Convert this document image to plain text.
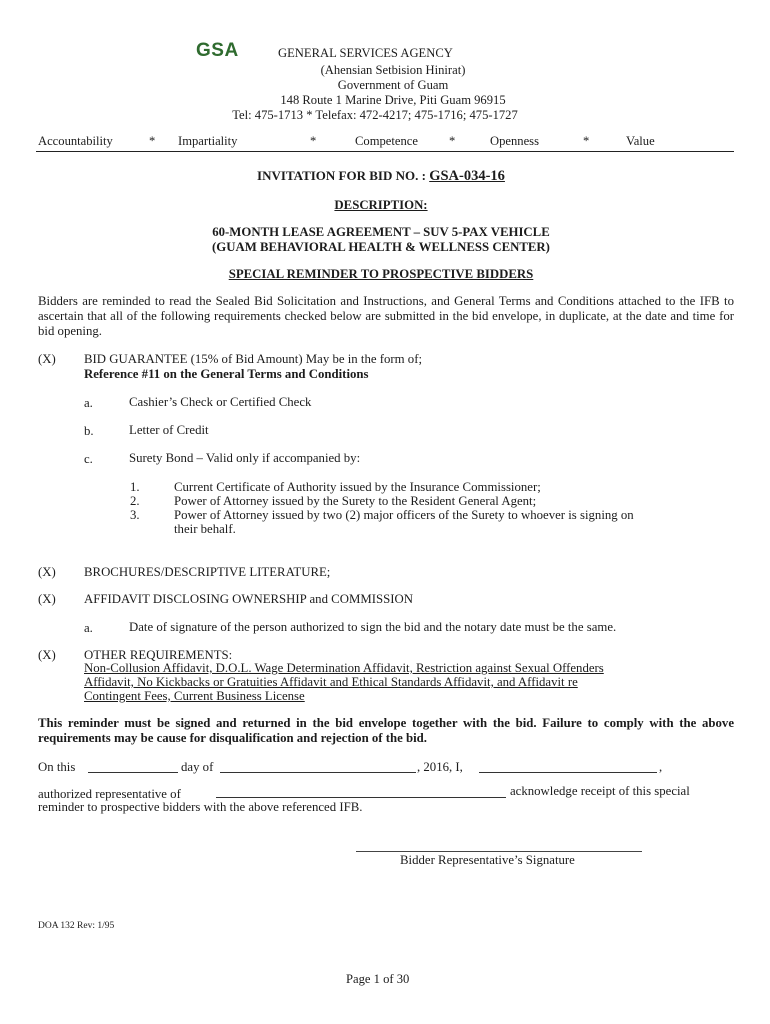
GSA	GENERAL SERVICES AGENCY
(Ahensian Setbision Hinirat)
Government of Guam
148 Route 1 Marine Drive, Piti Guam 96915
Tel: 475-1713 * Telefax: 472-4217; 475-1716; 475-1727
Accountability	* Impartiality	*	Competence *	Openness	*	Value
INVITATION FOR BID NO. : GSA-034-16
DESCRIPTION:
60-MONTH LEASE AGREEMENT – SUV 5-PAX VEHICLE
(GUAM BEHAVIORAL HEALTH & WELLNESS CENTER)
SPECIAL REMINDER TO PROSPECTIVE BIDDERS
Bidders are reminded to read the Sealed Bid Solicitation and Instructions, and General Terms and Conditions attached to the IFB to ascertain that all of the following requirements checked below are submitted in the bid envelope, in duplicate, at the date and time for bid opening.
(X) BID GUARANTEE (15% of Bid Amount) May be in the form of;
Reference #11 on the General Terms and Conditions
a.	Cashier’s Check or Certified Check
b.	Letter of Credit
c.	Surety Bond – Valid only if accompanied by:
1.	Current Certificate of Authority issued by the Insurance Commissioner;
2.	Power of Attorney issued by the Surety to the Resident General Agent;
3.	Power of Attorney issued by two (2) major officers of the Surety to whoever is signing on
their behalf.
(X) BROCHURES/DESCRIPTIVE LITERATURE;
(X) AFFIDAVIT DISCLOSING OWNERSHIP and COMMISSION
a.	Date of signature of the person authorized to sign the bid and the notary date must be the same.
(X) OTHER REQUIREMENTS:
Non-Collusion Affidavit, D.O.L. Wage Determination Affidavit, Restriction against Sexual Offenders
Affidavit, No Kickbacks or Gratuities Affidavit and Ethical Standards Affidavit, and Affidavit re
Contingent Fees, Current Business License
This reminder must be signed and returned in the bid envelope together with the bid. Failure to comply with the above requirements may be cause for disqualification and rejection of the bid.
On this	day of	, 2016, I,	,
authorized representative of	acknowledge receipt of this special
reminder to prospective bidders with the above referenced IFB.
Bidder Representative’s Signature
DOA 132 Rev: 1/95
Page 1 of 30
